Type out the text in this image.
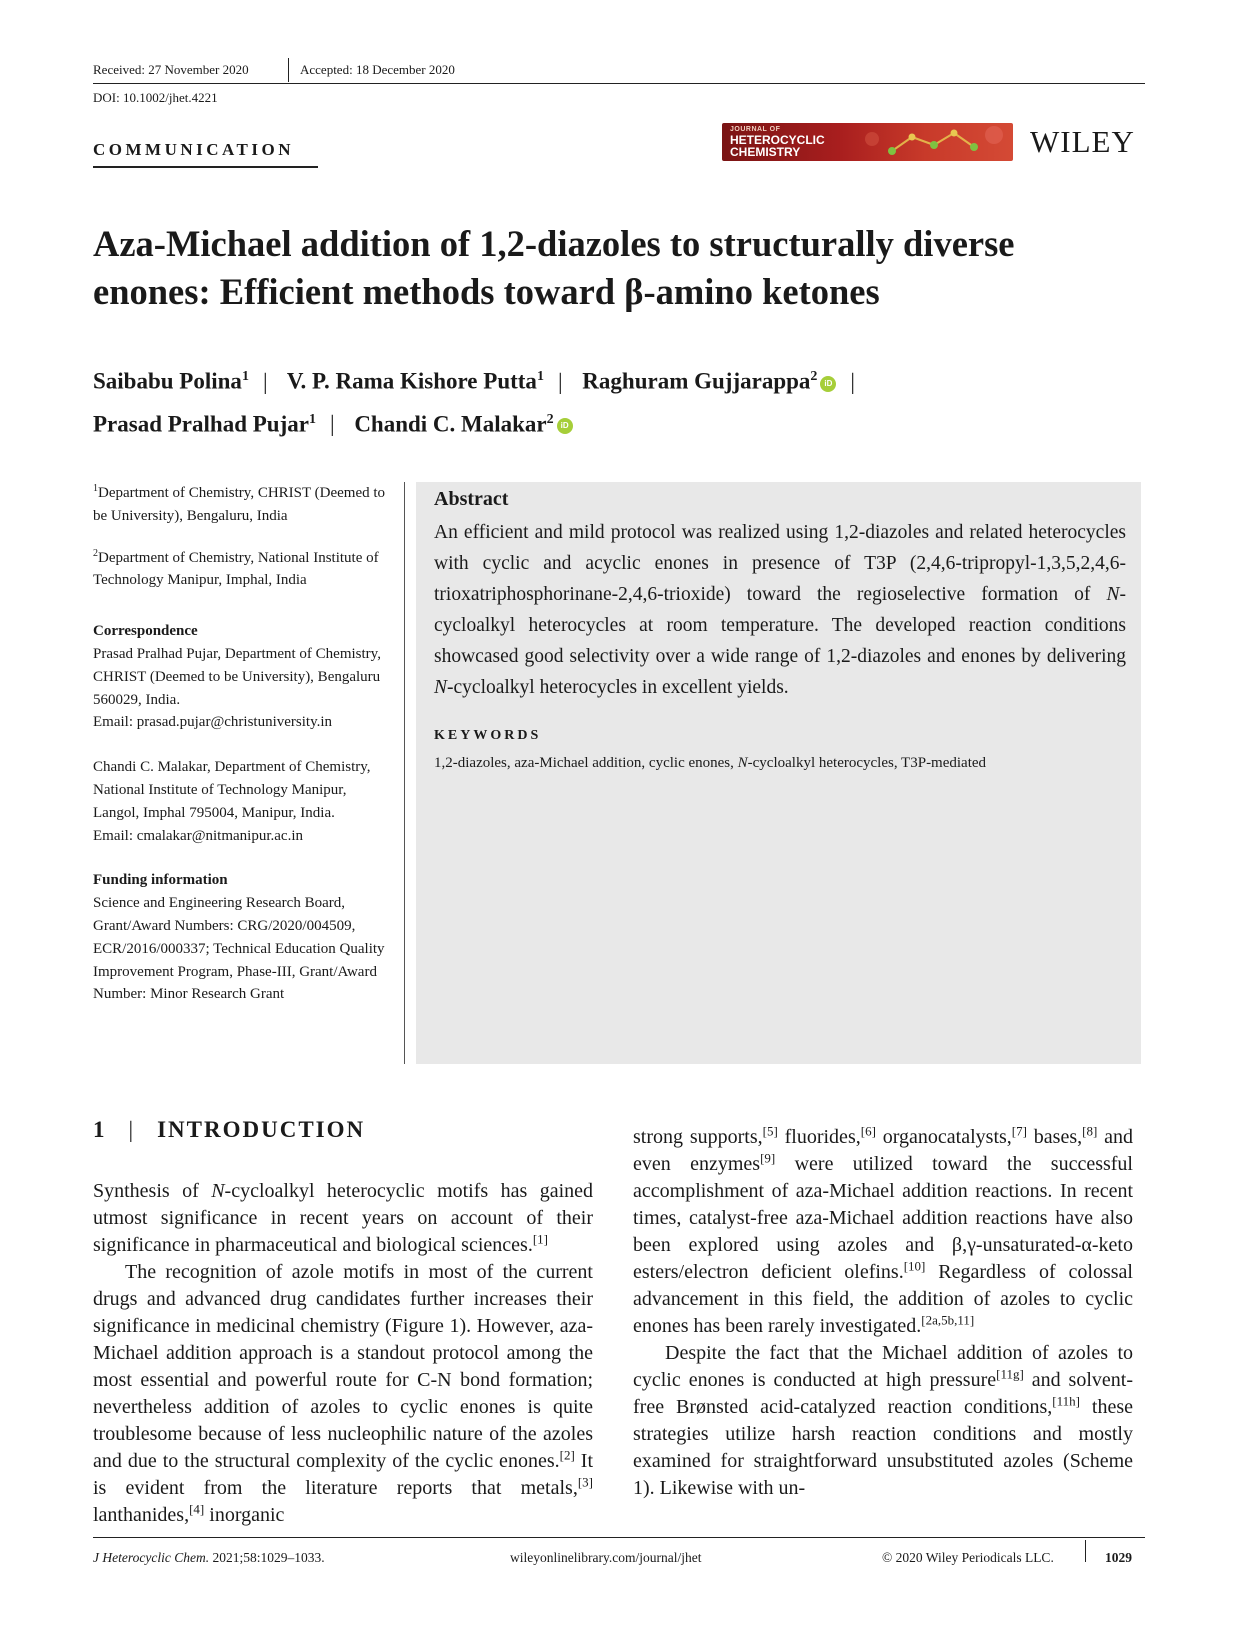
Received: 27 November 2020	Accepted: 18 December 2020
DOI: 10.1002/jhet.4221
COMMUNICATION
JOURNAL OF
HETEROCYCLIC
CHEMISTRY	WILEY
Aza-Michael addition of 1,2-diazoles to structurally diverse
enones: Efficient methods toward β-amino ketones
Saibabu Polina$^1$ | V. P. Rama Kishore Putta$^1$ | Raghuram Gujjarappa$^2$ iD |
Prasad Pralhad Pujar$^1$ | Chandi C. Malakar$^2$ iD

$^1$Department of Chemistry, CHRIST (Deemed to be University), Bengaluru, India

$^2$Department of Chemistry, National Institute of Technology Manipur, Imphal, India

Correspondence
Prasad Pralhad Pujar, Department of Chemistry, CHRIST (Deemed to be University), Bengaluru 560029, India.
Email: prasad.pujar@christuniversity.in

Chandi C. Malakar, Department of Chemistry, National Institute of Technology Manipur, Langol, Imphal 795004, Manipur, India.
Email: cmalakar@nitmanipur.ac.in

Funding information
Science and Engineering Research Board, Grant/Award Numbers: CRG/2020/004509, ECR/2016/000337; Technical Education Quality Improvement Program, Phase-III, Grant/Award Number: Minor Research Grant

Abstract
An efficient and mild protocol was realized using 1,2-diazoles and related heterocycles with cyclic and acyclic enones in presence of T3P (2,4,6-tripropyl-1,3,5,2,4,6-trioxatriphosphorinane-2,4,6-trioxide) toward the regioselective formation of N-cycloalkyl heterocycles at room temperature. The developed reaction conditions showcased good selectivity over a wide range of 1,2-diazoles and enones by delivering N-cycloalkyl heterocycles in excellent yields.
KEYWORDS
1,2-diazoles, aza-Michael addition, cyclic enones, N-cycloalkyl heterocycles, T3P-mediated
1 | INTRODUCTION

Synthesis of N-cycloalkyl heterocyclic motifs has gained utmost significance in recent years on account of their significance in pharmaceutical and biological sciences.[1]

The recognition of azole motifs in most of the current drugs and advanced drug candidates further increases their significance in medicinal chemistry (Figure 1). However, aza-Michael addition approach is a standout protocol among the most essential and powerful route for C-N bond formation; nevertheless addition of azoles to cyclic enones is quite troublesome because of less nucleophilic nature of the azoles and due to the structural complexity of the cyclic enones.[2] It is evident from the literature reports that metals,[3] lanthanides,[4] inorganic

strong supports,[5] fluorides,[6] organocatalysts,[7] bases,[8] and even enzymes[9] were utilized toward the successful accomplishment of aza-Michael addition reactions. In recent times, catalyst-free aza-Michael addition reactions have also been explored using azoles and β,γ-unsaturated-α-keto esters/electron deficient olefins.[10] Regardless of colossal advancement in this field, the addition of azoles to cyclic enones has been rarely investigated.[2a,5b,11]

Despite the fact that the Michael addition of azoles to cyclic enones is conducted at high pressure[11g] and solvent-free Brønsted acid-catalyzed reaction conditions,[11h] these strategies utilize harsh reaction conditions and mostly examined for straightforward unsubstituted azoles (Scheme 1). Likewise with un-

J Heterocyclic Chem. 2021;58:1029–1033.	wileyonlinelibrary.com/journal/jhet	© 2020 Wiley Periodicals LLC.	1029
